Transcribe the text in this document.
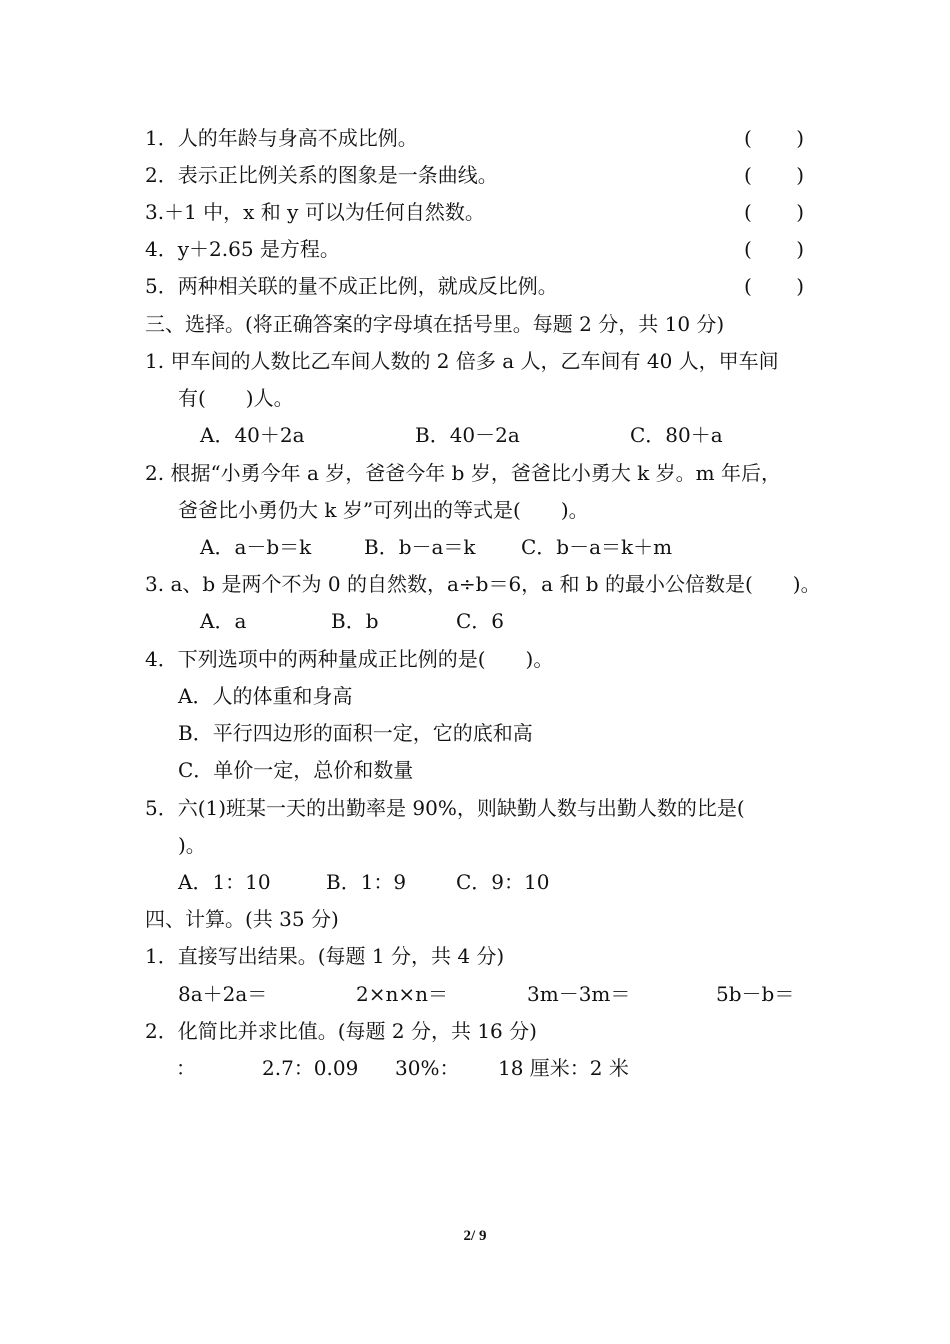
1．人的年龄与身高不成比例。	( )
2．表示正比例关系的图象是一条曲线。	( )
3.＋1 中，x 和 y 可以为任何自然数。	( )
4．y＋2.65 是方程。	( )
5．两种相关联的量不成正比例，就成反比例。	( )
三、选择。(将正确答案的字母填在括号里。每题 2 分，共 10 分)
1. 甲车间的人数比乙车间人数的 2 倍多 a 人，乙车间有 40 人，甲车间
有(　　)人。
A．40＋2a	B．40－2a	C．80＋a
2. 根据“小勇今年 a 岁，爸爸今年 b 岁，爸爸比小勇大 k 岁。m 年后，
爸爸比小勇仍大 k 岁”可列出的等式是(　　)。
A．a－b＝k	B．b－a＝k C．b－a＝k＋m
3. a、b 是两个不为 0 的自然数，a÷b＝6，a 和 b 的最小公倍数是(　　)。
A．a	B．b	C．6
4．下列选项中的两种量成正比例的是(　　)。
A．人的体重和身高
B．平行四边形的面积一定，它的底和高
C．单价一定，总价和数量
5．六(1)班某一天的出勤率是 90%，则缺勤人数与出勤人数的比是(
)。
A．1：10	B．1：9 C．9：10
四、计算。(共 35 分)
1．直接写出结果。(每题 1 分，共 4 分)
8a＋2a＝	2×n×n＝	3m－3m＝	5b－b＝
2．化简比并求比值。(每题 2 分，共 16 分)
：	2.7：0.09 30%： 18 厘米：2 米
2/ 9
